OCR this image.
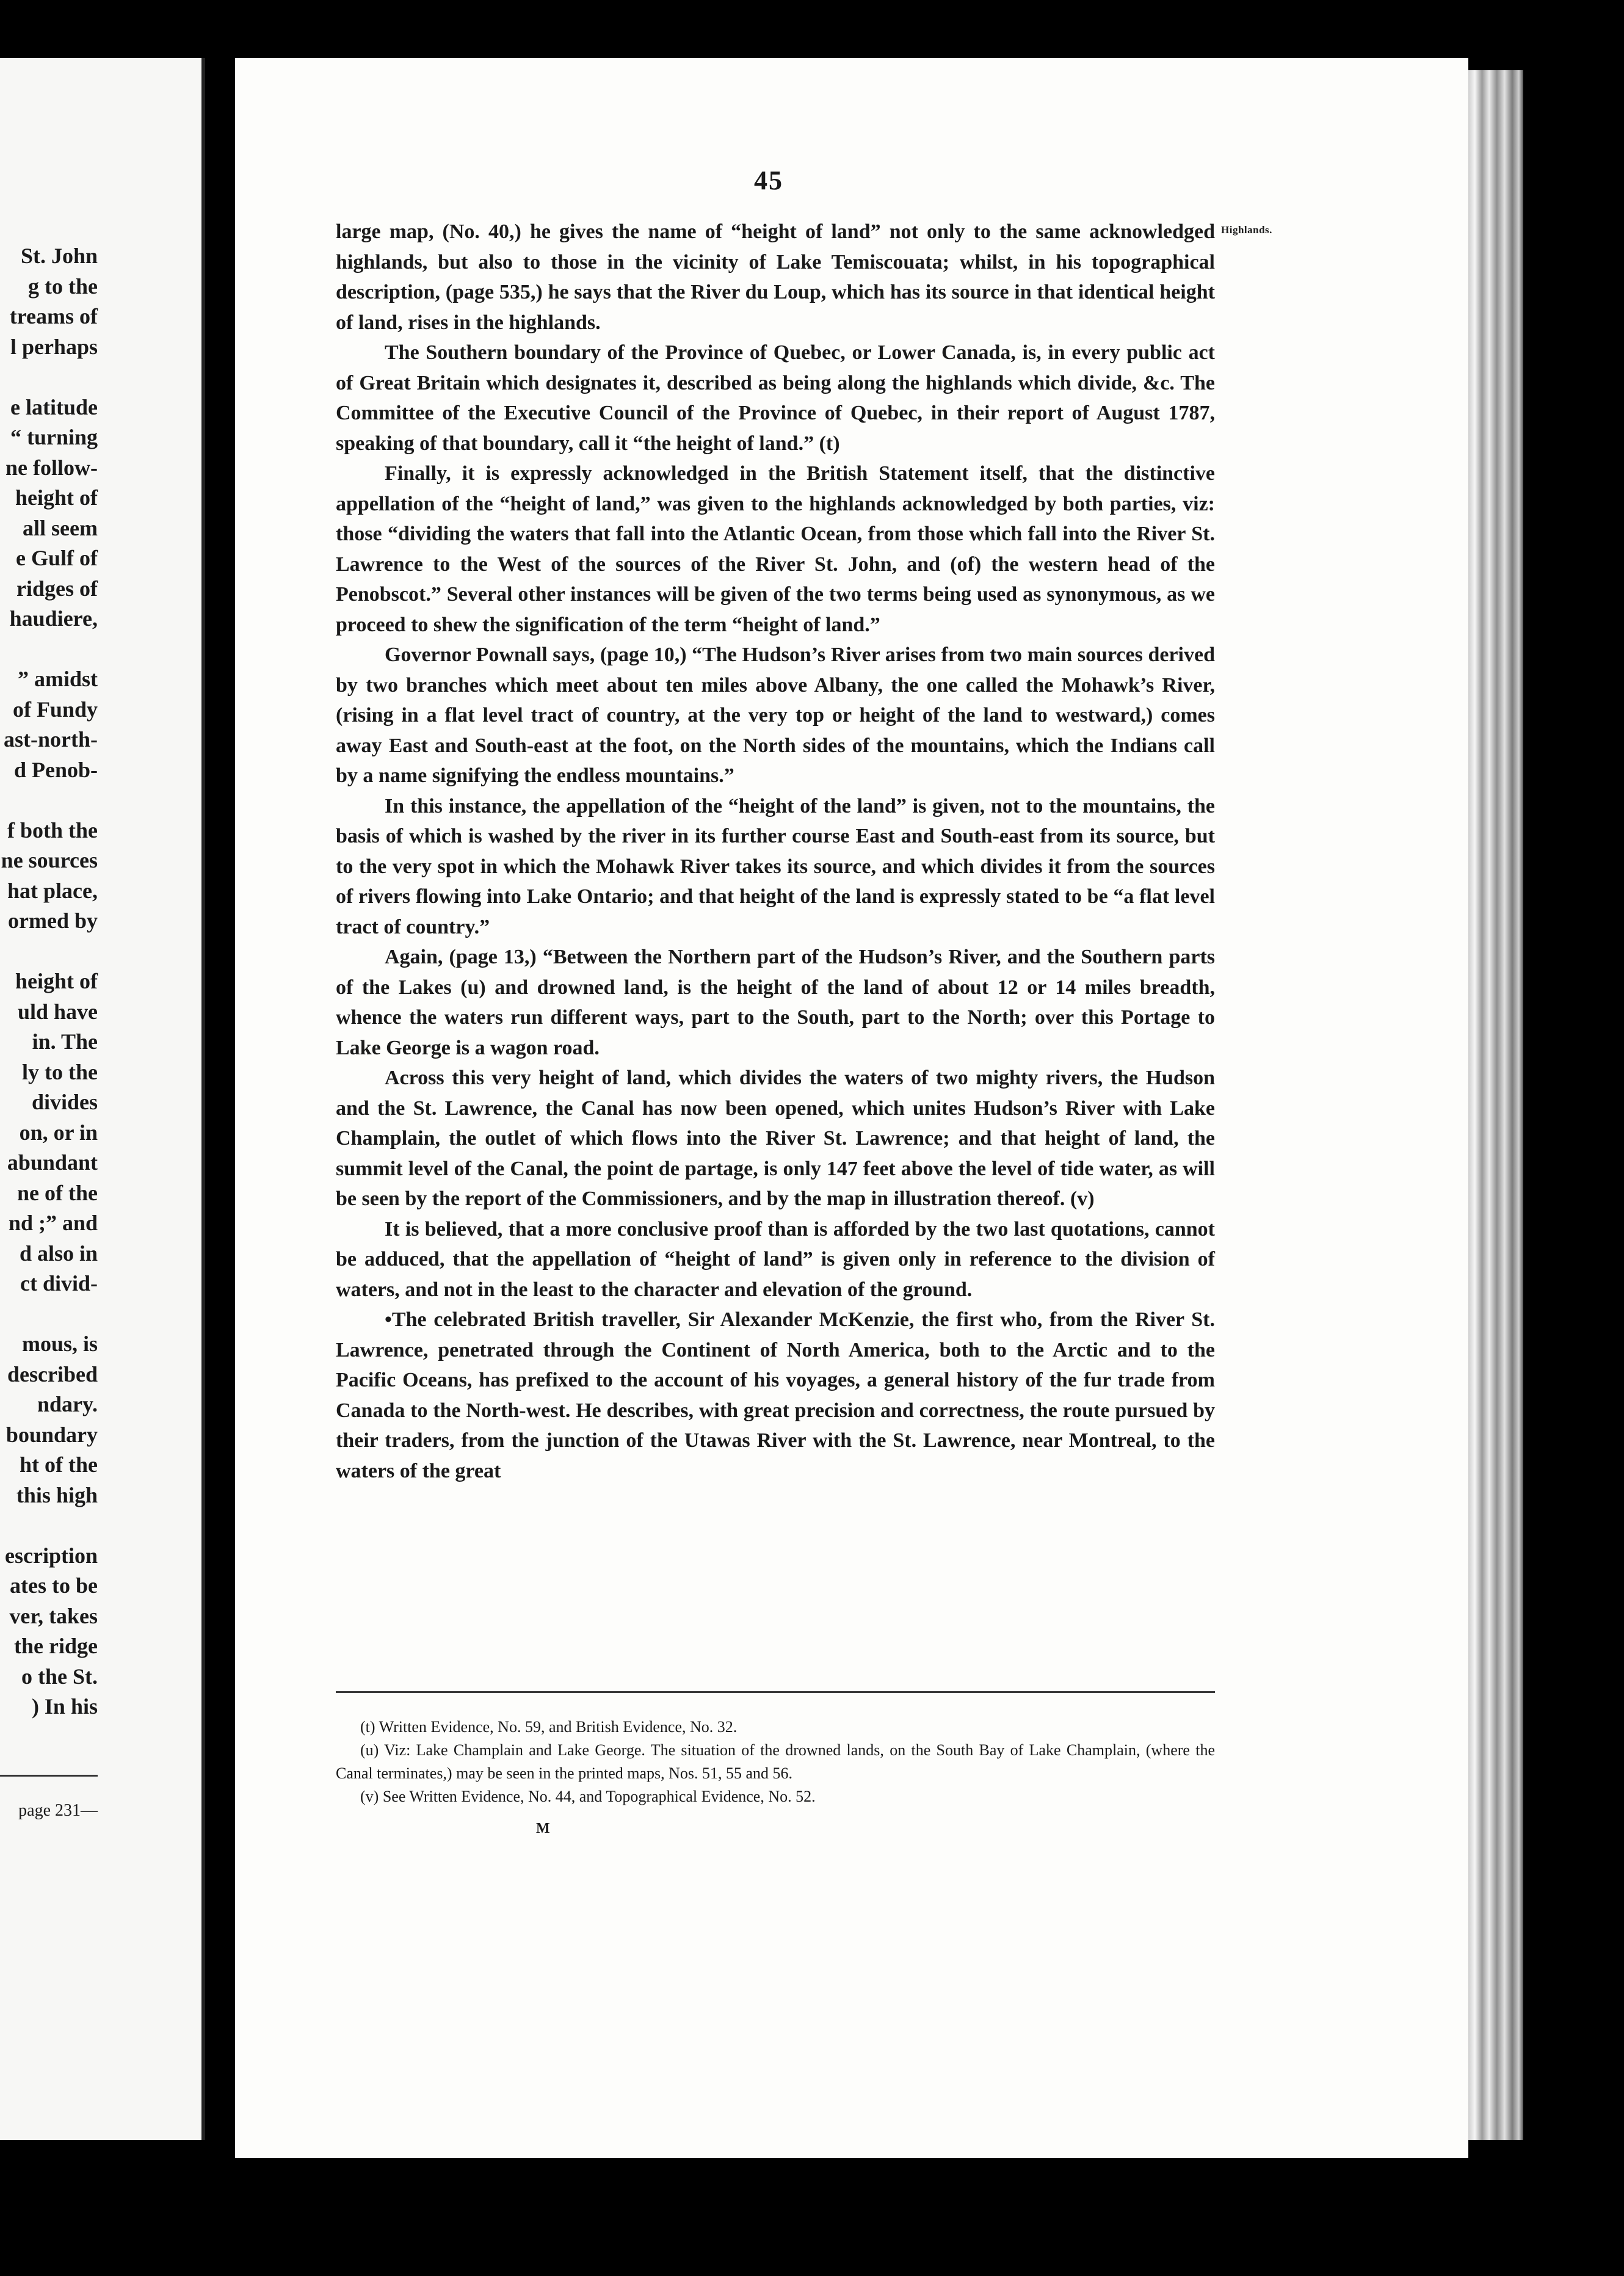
St. John
g to the
treams of
l perhaps

e latitude
“ turning
ne follow-
height of
all seem
e Gulf of
ridges of
haudiere,

” amidst
of Fundy
ast-north-
d Penob-

f both the
ne sources
hat place,
ormed by

height of
uld have
in. The
ly to the
divides
on, or in
abundant
ne of the
nd ;” and
d also in
ct divid-

mous, is
described
ndary.
boundary
ht of the
this high

escription
ates to be
ver, takes
the ridge
o the St.
) In his
page 231—
45
Highlands.

large map, (No. 40,) he gives the name of “height of land” not only to the same acknowledged highlands, but also to those in the vicinity of Lake Temiscouata; whilst, in his topographical description, (page 535,) he says that the River du Loup, which has its source in that identical height of land, rises in the highlands.

The Southern boundary of the Province of Quebec, or Lower Canada, is, in every public act of Great Britain which designates it, described as being along the highlands which divide, &c. The Committee of the Executive Council of the Province of Quebec, in their report of August 1787, speaking of that boundary, call it “the height of land.” (t)

Finally, it is expressly acknowledged in the British Statement itself, that the distinctive appellation of the “height of land,” was given to the highlands acknowledged by both parties, viz: those “dividing the waters that fall into the Atlantic Ocean, from those which fall into the River St. Lawrence to the West of the sources of the River St. John, and (of) the western head of the Penobscot.” Several other instances will be given of the two terms being used as synonymous, as we proceed to shew the signification of the term “height of land.”

Governor Pownall says, (page 10,) “The Hudson’s River arises from two main sources derived by two branches which meet about ten miles above Albany, the one called the Mohawk’s River, (rising in a flat level tract of country, at the very top or height of the land to westward,) comes away East and South-east at the foot, on the North sides of the mountains, which the Indians call by a name signifying the endless mountains.”

In this instance, the appellation of the “height of the land” is given, not to the mountains, the basis of which is washed by the river in its further course East and South-east from its source, but to the very spot in which the Mohawk River takes its source, and which divides it from the sources of rivers flowing into Lake Ontario; and that height of the land is expressly stated to be “a flat level tract of country.”

Again, (page 13,) “Between the Northern part of the Hudson’s River, and the Southern parts of the Lakes (u) and drowned land, is the height of the land of about 12 or 14 miles breadth, whence the waters run different ways, part to the South, part to the North; over this Portage to Lake George is a wagon road.

Across this very height of land, which divides the waters of two mighty rivers, the Hudson and the St. Lawrence, the Canal has now been opened, which unites Hudson’s River with Lake Champlain, the outlet of which flows into the River St. Lawrence; and that height of land, the summit level of the Canal, the point de partage, is only 147 feet above the level of tide water, as will be seen by the report of the Commissioners, and by the map in illustration thereof. (v)

It is believed, that a more conclusive proof than is afforded by the two last quotations, cannot be adduced, that the appellation of “height of land” is given only in reference to the division of waters, and not in the least to the character and elevation of the ground.

•The celebrated British traveller, Sir Alexander McKenzie, the first who, from the River St. Lawrence, penetrated through the Continent of North America, both to the Arctic and to the Pacific Oceans, has prefixed to the account of his voyages, a general history of the fur trade from Canada to the North-west. He describes, with great precision and correctness, the route pursued by their traders, from the junction of the Utawas River with the St. Lawrence, near Montreal, to the waters of the great

(t) Written Evidence, No. 59, and British Evidence, No. 32.

(u) Viz: Lake Champlain and Lake George. The situation of the drowned lands, on the South Bay of Lake Champlain, (where the Canal terminates,) may be seen in the printed maps, Nos. 51, 55 and 56.

(v) See Written Evidence, No. 44, and Topographical Evidence, No. 52.

M
